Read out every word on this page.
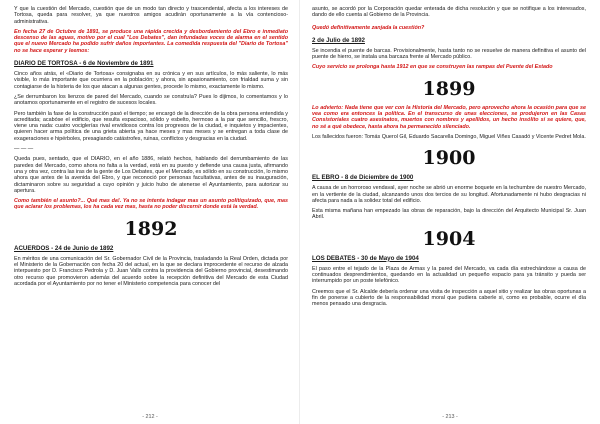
Y que la cuestión del Mercado, cuestión que de un modo tan directo y trascendental, afecta a los intereses de Tortosa, queda para resolver, ya que nuestros amigos acudirán oportunamente a la vía contencioso-administrativa.

En fecha 27 de Octubre de 1891, se produce una rápida crecida y desbordamiento del Ebro e inmediato descenso de las aguas, motivo por el cual "Los Debates", dan infundadas voces de alarma en el sentido que el nuevo Mercado ha podido sufrir daños importantes. La comedida respuesta del "Diario de Tortosa" no se hace esperar y leemos:

DIARIO DE TORTOSA - 6 de Noviembre de 1891

Cinco años atrás, el «Diario de Tortosa» consignaba en su crónica y en sus artículos, lo más saliente, lo más visible, lo más importante que ocurriera en la población; y ahora, sin apasionamiento, con frialdad suma y sin contagiarse de la histeria de los que atacan a algunas gentes, procede lo mismo, exactamente lo mismo.

¿Se derrumbaron los lienzos de pared del Mercado, cuando se construía? Pues lo dijimos, lo comentamos y lo anotamos oportunamente en el registro de sucesos locales.

Pero también la fase de la construcción pasó el tiempo; se encargó de la dirección de la obra persona entendida y acreditada; acabóse el edificio, que resulta espacioso, sólido y esbelto, hermoso a la par que sencillo, frescro, viene una nada: cuatro vociglerías rival envidiosos contra los progresos de la ciudad, e inquietos y impacientes, quieren hacer arma política de una grieta abierta ya hace meses y mas meses y se entregan a toda clase de exageraciones e hipérboles, presagiando catástrofes, ruinas, conflictos y desgracias en la ciudad.

— — —

Queda pues, sentado, que el DIARIO, en el año 1886, relató hechos, hablando del derrumbamiento de las paredes del Mercado, como ahora no falta a la verdad, está en su puesto y defiende una causa justa, afirmando una y otra vez, contra las iras de la gente de Los Debates, que el Mercado, es sólido en su construcción, lo mismo ahora que antes de la avenida del Ebro, y que reconoció por personas facultativas, antes de su inauguración, dictaminaron sobre su seguridad a cuyo opinión y juicio hubo de atenerse el Ayuntamiento, para autorizar su apertura.

Como también el asunto?... Qué mas da!. Ya no se intenta indagar mas un asunto politiquizado, que, mas que aclarar los problemas, los ha cada vez mas, hasta no poder discernir donde está la verdad.

1892
ACUERDOS - 24 de Junio de 1892

En méritos de una comunicación del Sr. Gobernador Civil de la Provincia, trasladando la Real Orden, dictada por el Ministerio de la Gobernación con fecha 20 del actual, en la que se declara improcedente el recurso de alzada interpuesto por D. Francisco Pedrola y D. Juan Valls contra la providencia del Gobierno provincial, desestimando otro recurso que promovieron además del acuerdo sobre la recepción definitiva del Mercado de esta Ciudad acordada por el Ayuntamiento por no tener el Ministerio competencia para conocer del

- 212 -

asunto, se acordó por la Corporación quedar enterada de dicha resolución y que se notifique a los interesados, dando de ello cuenta al Gobierno de la Provincia.

Quedó definitivamente zanjada la cuestión?

2 de Julio de 1892

Se incendia el puente de barcas. Provisionalmente, hasta tanto no se resuelve de manera definitiva el asunto del puente de hierro, se instala una barcaza frente al Mercado público.

Cuyo servicio se prolonga hasta 1912 en que se construyen las rampas del Puente del Estado

1899

Lo advierto: Nada tiene que ver con la Historia del Mercado, pero aprovecho ahora la ocasión para que se vea como era entonces la política. En el transcurso de unas elecciones, se produjeron en las Casas Consistoriales cuatro asesinatos, muertos con nombres y apellidos, un hecho insólito si se quiere, que, no sé a qué obedece, hasta ahora ha permanecido silenciado.

Los fallecidos fueron: Tomás Querol Gil, Eduardo Sacarella Domingo, Miguel Viñes Casadó y Vicente Pedret Mola.

1900
EL EBRO - 8 de Diciembre de 1900

A causa de un horroroso vendaval, ayer noche se abrió un enorme boquete en la techumbre de nuestro Mercado, en la vertiente de la ciudad, alcanzando unos dos tercios de su longitud. Afortunadamente ni hubo desgracias ni afecta para nada a la solidez total del edificio.

Esta misma mañana han empezado las obras de reparación, bajo la dirección del Arquitecto Municipal Sr. Juan Abril.

1904
LOS DEBATES - 30 de Mayo de 1904

El paso entre el tejado de la Plaza de Armas y la pared del Mercado, va cada día estrechándose a causa de continuados desprendimientos, quedando en la actualidad un pequeño espacio para ya tránsito y pueda ser interrumpido por un poste telefónico.

Creemos que el Sr. Alcalde debería ordenar una visita de inspección a aquel sitio y realizar las obras oportunas a fin de ponerse a cubierto de la responsabilidad moral que pudiera caberle si, como es probable, ocurre el día menos pensado una desgracia.

- 213 -
